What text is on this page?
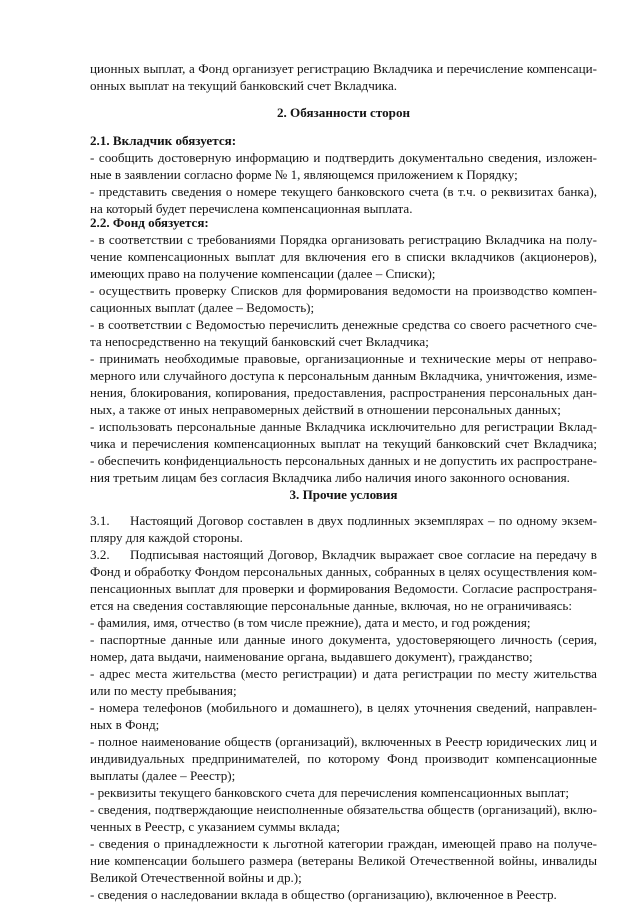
ционных выплат, а Фонд организует регистрацию Вкладчика и перечисление компенсаци-
онных выплат на текущий банковский счет Вкладчика.
2. Обязанности сторон
2.1. Вкладчик обязуется:
- сообщить достоверную информацию и подтвердить документально сведения, изложен-
ные в заявлении согласно форме № 1, являющемся приложением к Порядку;
- представить сведения о номере текущего банковского счета (в т.ч. о реквизитах банка),
на который будет перечислена компенсационная выплата.
2.2. Фонд обязуется:
- в соответствии с требованиями Порядка организовать регистрацию Вкладчика на полу-
чение компенсационных выплат для включения его в списки вкладчиков (акционеров),
имеющих право на получение компенсации (далее – Списки);
- осуществить проверку Списков для формирования ведомости на производство компен-
сационных выплат (далее – Ведомость);
- в соответствии с Ведомостью перечислить денежные средства со своего расчетного сче-
та непосредственно на текущий банковский счет Вкладчика;
- принимать необходимые правовые, организационные и технические меры от неправо-
мерного или случайного доступа к персональным данным Вкладчика, уничтожения, изме-
нения, блокирования, копирования, предоставления, распространения персональных дан-
ных, а также от иных неправомерных действий в отношении персональных данных;
- использовать персональные данные Вкладчика исключительно для регистрации Вклад-
чика и перечисления компенсационных выплат на текущий банковский счет Вкладчика;
- обеспечить конфиденциальность персональных данных и не допустить их распростране-
ния третьим лицам без согласия Вкладчика либо наличия иного законного основания.
3. Прочие условия
3.1.	Настоящий Договор составлен в двух подлинных экземплярах – по одному экзем-
пляру для каждой стороны.
3.2.	Подписывая настоящий Договор, Вкладчик выражает свое согласие на передачу в
Фонд и обработку Фондом персональных данных, собранных в целях осуществления ком-
пенсационных выплат для проверки и формирования Ведомости. Согласие распространя-
ется на сведения составляющие персональные данные, включая, но не ограничиваясь:
- фамилия, имя, отчество (в том числе прежние), дата и место, и год рождения;
- паспортные данные или данные иного документа, удостоверяющего личность (серия,
номер, дата выдачи, наименование органа, выдавшего документ), гражданство;
- адрес места жительства (место регистрации) и дата регистрации по месту жительства
или по месту пребывания;
- номера телефонов (мобильного и домашнего), в целях уточнения сведений, направлен-
ных в Фонд;
- полное наименование обществ (организаций), включенных в Реестр юридических лиц и
индивидуальных предпринимателей, по которому Фонд производит компенсационные
выплаты (далее – Реестр);
- реквизиты текущего банковского счета для перечисления компенсационных выплат;
- сведения, подтверждающие неисполненные обязательства обществ (организаций), вклю-
ченных в Реестр, с указанием суммы вклада;
- сведения о принадлежности к льготной категории граждан, имеющей право на получе-
ние компенсации большего размера (ветераны Великой Отечественной войны, инвалиды
Великой Отечественной войны и др.);
- сведения о наследовании вклада в общество (организацию), включенное в Реестр.
